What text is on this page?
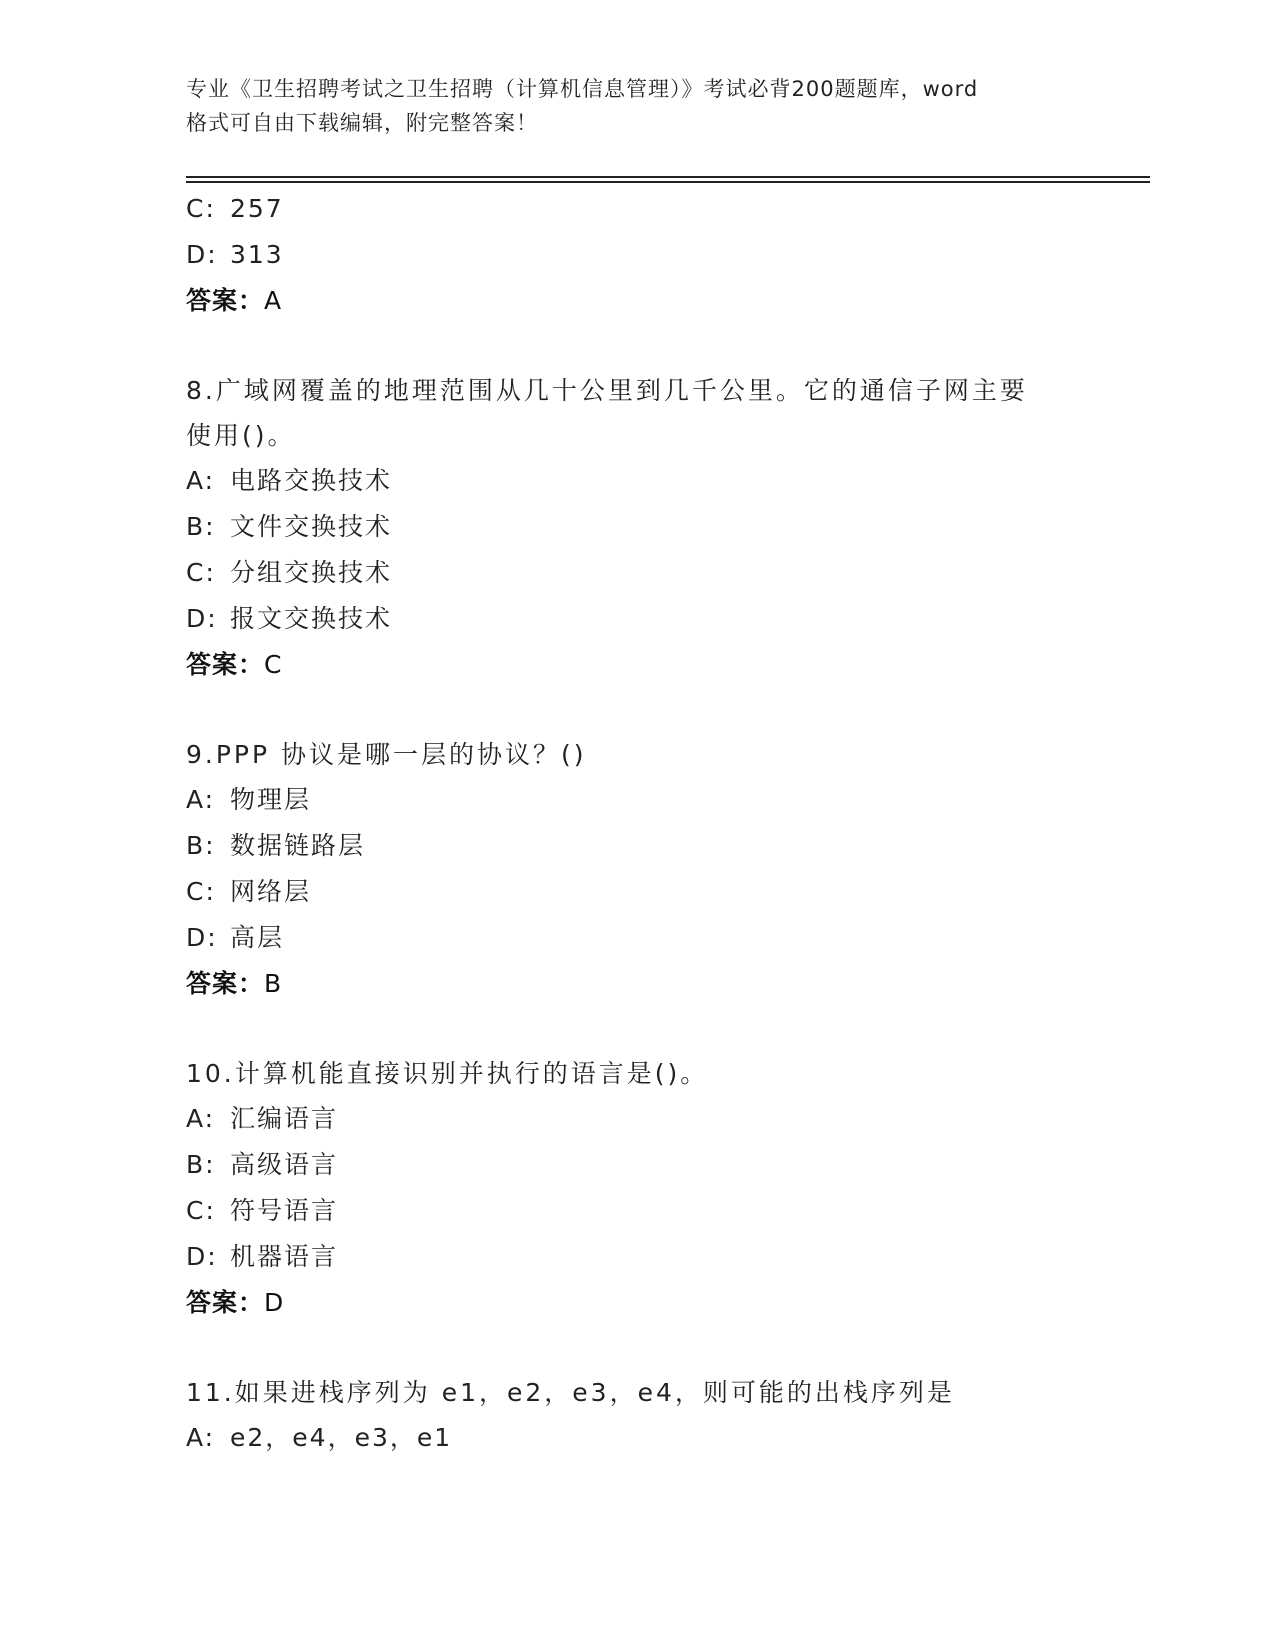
专业《卫生招聘考试之卫生招聘（计算机信息管理）》考试必背200题题库，word
格式可自由下载编辑，附完整答案！
C: 257
D: 313
答案：A
8.广域网覆盖的地理范围从几十公里到几千公里。它的通信子网主要
使用()。
A: 电路交换技术
B: 文件交换技术
C: 分组交换技术
D: 报文交换技术
答案：C
9.PPP 协议是哪一层的协议？()
A: 物理层
B: 数据链路层
C: 网络层
D: 高层
答案：B
10.计算机能直接识别并执行的语言是()。
A: 汇编语言
B: 高级语言
C: 符号语言
D: 机器语言
答案：D
11.如果进栈序列为 e1，e2，e3，e4，则可能的出栈序列是
A: e2，e4，e3，e1
